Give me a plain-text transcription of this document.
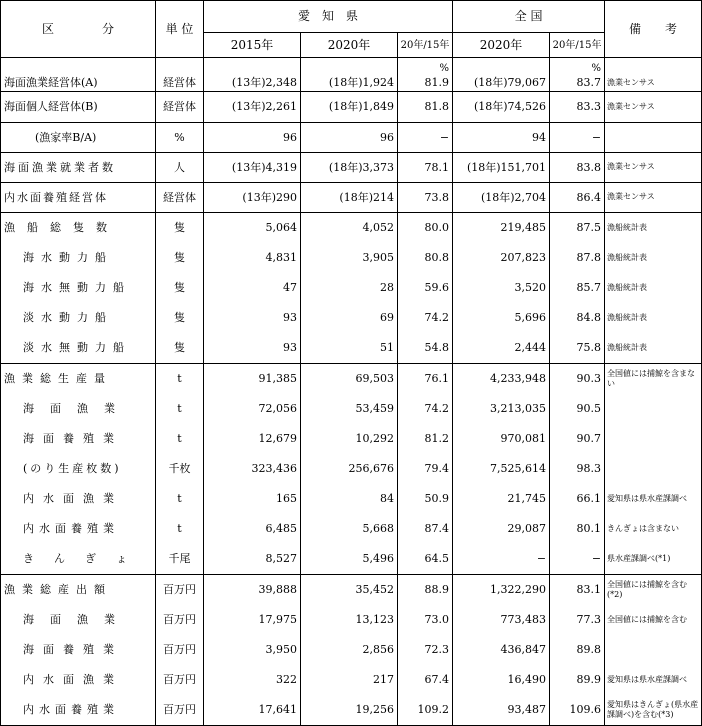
区　　　　分	単 位	愛　知　県			全 国		備　　考
		2015年	2020年	20年/15年	2020年	20年/15年	
				%		%	
海面漁業経営体(A)	経営体	(13年)2,348	(18年)1,924	81.9	(18年)79,067	83.7	漁業センサス
海面個人経営体(B)	経営体	(13年)2,261	(18年)1,849	81.8	(18年)74,526	83.3	漁業センサス
(漁家率B/A)	%	96	96	−	94	−	
海面漁業就業者数	人	(13年)4,319	(18年)3,373	78.1	(18年)151,701	83.8	漁業センサス
内水面養殖経営体	経営体	(13年)290	(18年)214	73.8	(18年)2,704	86.4	漁業センサス
漁船総隻数	隻	5,064	4,052	80.0	219,485	87.5	漁船統計表
海水動力船	隻	4,831	3,905	80.8	207,823	87.8	漁船統計表
海水無動力船	隻	47	28	59.6	3,520	85.7	漁船統計表
淡水動力船	隻	93	69	74.2	5,696	84.8	漁船統計表
淡水無動力船	隻	93	51	54.8	2,444	75.8	漁船統計表
漁業総生産量	t	91,385	69,503	76.1	4,233,948	90.3	全国値には捕鯨を含まない
海面漁業	t	72,056	53,459	74.2	3,213,035	90.5	
海面養殖業	t	12,679	10,292	81.2	970,081	90.7	
(のり生産枚数)	千枚	323,436	256,676	79.4	7,525,614	98.3	
内水面漁業	t	165	84	50.9	21,745	66.1	愛知県は県水産課調べ
内水面養殖業	t	6,485	5,668	87.4	29,087	80.1	きんぎょは含まない
きんぎょ	千尾	8,527	5,496	64.5	−	−	県水産課調べ(*1)
漁業総産出額	百万円	39,888	35,452	88.9	1,322,290	83.1	全国値には捕鯨を含む(*2)
海面漁業	百万円	17,975	13,123	73.0	773,483	77.3	全国値には捕鯨を含む
海面養殖業	百万円	3,950	2,856	72.3	436,847	89.8	
内水面漁業	百万円	322	217	67.4	16,490	89.9	愛知県は県水産課調べ
内水面養殖業	百万円	17,641	19,256	109.2	93,487	109.6	愛知県はきんぎょ(県水産課調べ)を含む(*3)
